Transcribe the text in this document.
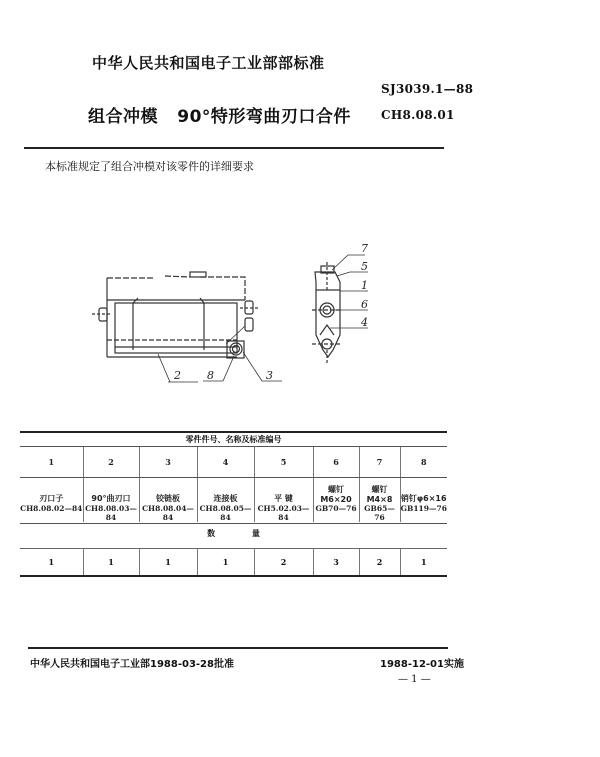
中华人民共和国电子工业部部标准
SJ3039.1—88
组合冲模   90°特形弯曲刃口合件	CH8.08.01
本标准规定了组合冲模对该零件的详细要求
2 8	3
7
5
1
6
4
零件件号、名称及标准编号
1	2	3	4	5	6	7	8
刃口子	90°曲刃口	铰链板	连接板	平 键	螺钉M6×20	螺钉M4×8	销钉φ6×16
CH8.08.02—84	CH8.08.03—84	CH8.08.04—84	CH8.08.05—84	CH5.02.03—84	GB70—76	GB65—76	GB119—76
数 量
1	1	1	1	2	3	2	1
中华人民共和国电子工业部1988-03-28批准	1988-12-01实施
— 1 —
